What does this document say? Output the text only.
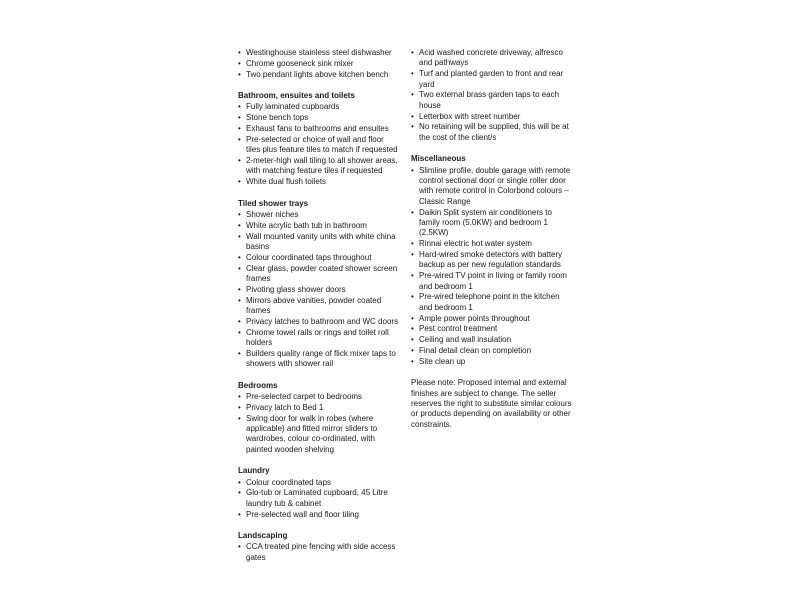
• Westinghouse stainless steel dishwasher
• Chrome gooseneck sink mixer
• Two pendant lights above kitchen bench
Bathroom, ensuites and toilets
• Fully laminated cupboards
• Stone bench tops
• Exhaust fans to bathrooms and ensuites
• Pre-selected or choice of wall and floor tiles plus feature tiles to match if requested
• 2-meter-high wall tiling to all shower areas, with matching feature tiles if requested
• White dual flush toilets
Tiled shower trays
• Shower niches
• White acrylic bath tub in bathroom
• Wall mounted vanity units with white china basins
• Colour coordinated taps throughout
• Clear glass, powder coated shower screen frames
• Pivoting glass shower doors
• Mirrors above vanities, powder coated frames
• Privacy latches to bathroom and WC doors
• Chrome towel rails or rings and toilet roll holders
• Builders quality range of flick mixer taps to showers with shower rail
Bedrooms
• Pre-selected carpet to bedrooms
• Privacy latch to Bed 1
• Swing door for walk in robes (where applicable) and fitted mirror sliders to wardrobes, colour co-ordinated, with painted wooden shelving
Laundry
• Colour coordinated taps
• Glo-tub or Laminated cupboard, 45 Litre laundry tub & cabinet
• Pre-selected wall and floor tiling
Landscaping
• CCA treated pine fencing with side access gates
• Acid washed concrete driveway, alfresco and pathways
• Turf and planted garden to front and rear yard
• Two external brass garden taps to each house
• Letterbox with street number
• No retaining will be supplied, this will be at the cost of the client/s
Miscellaneous
• Slimline profile, double garage with remote control sectional door or single roller door with remote control in Colorbond colours – Classic Range
• Daikin Split system air conditioners to family room (5.0KW) and bedroom 1 (2.5KW)
• Rinnai electric hot water system
• Hard-wired smoke detectors with battery backup as per new regulation standards
• Pre-wired TV point in living or family room and bedroom 1
• Pre-wired telephone point in the kitchen and bedroom 1
• Ample power points throughout
• Pest control treatment
• Ceiling and wall insulation
• Final detail clean on completion
• Site clean up

Please note: Proposed internal and external finishes are subject to change. The seller reserves the right to substitute similar colours or products depending on availability or other constraints.
